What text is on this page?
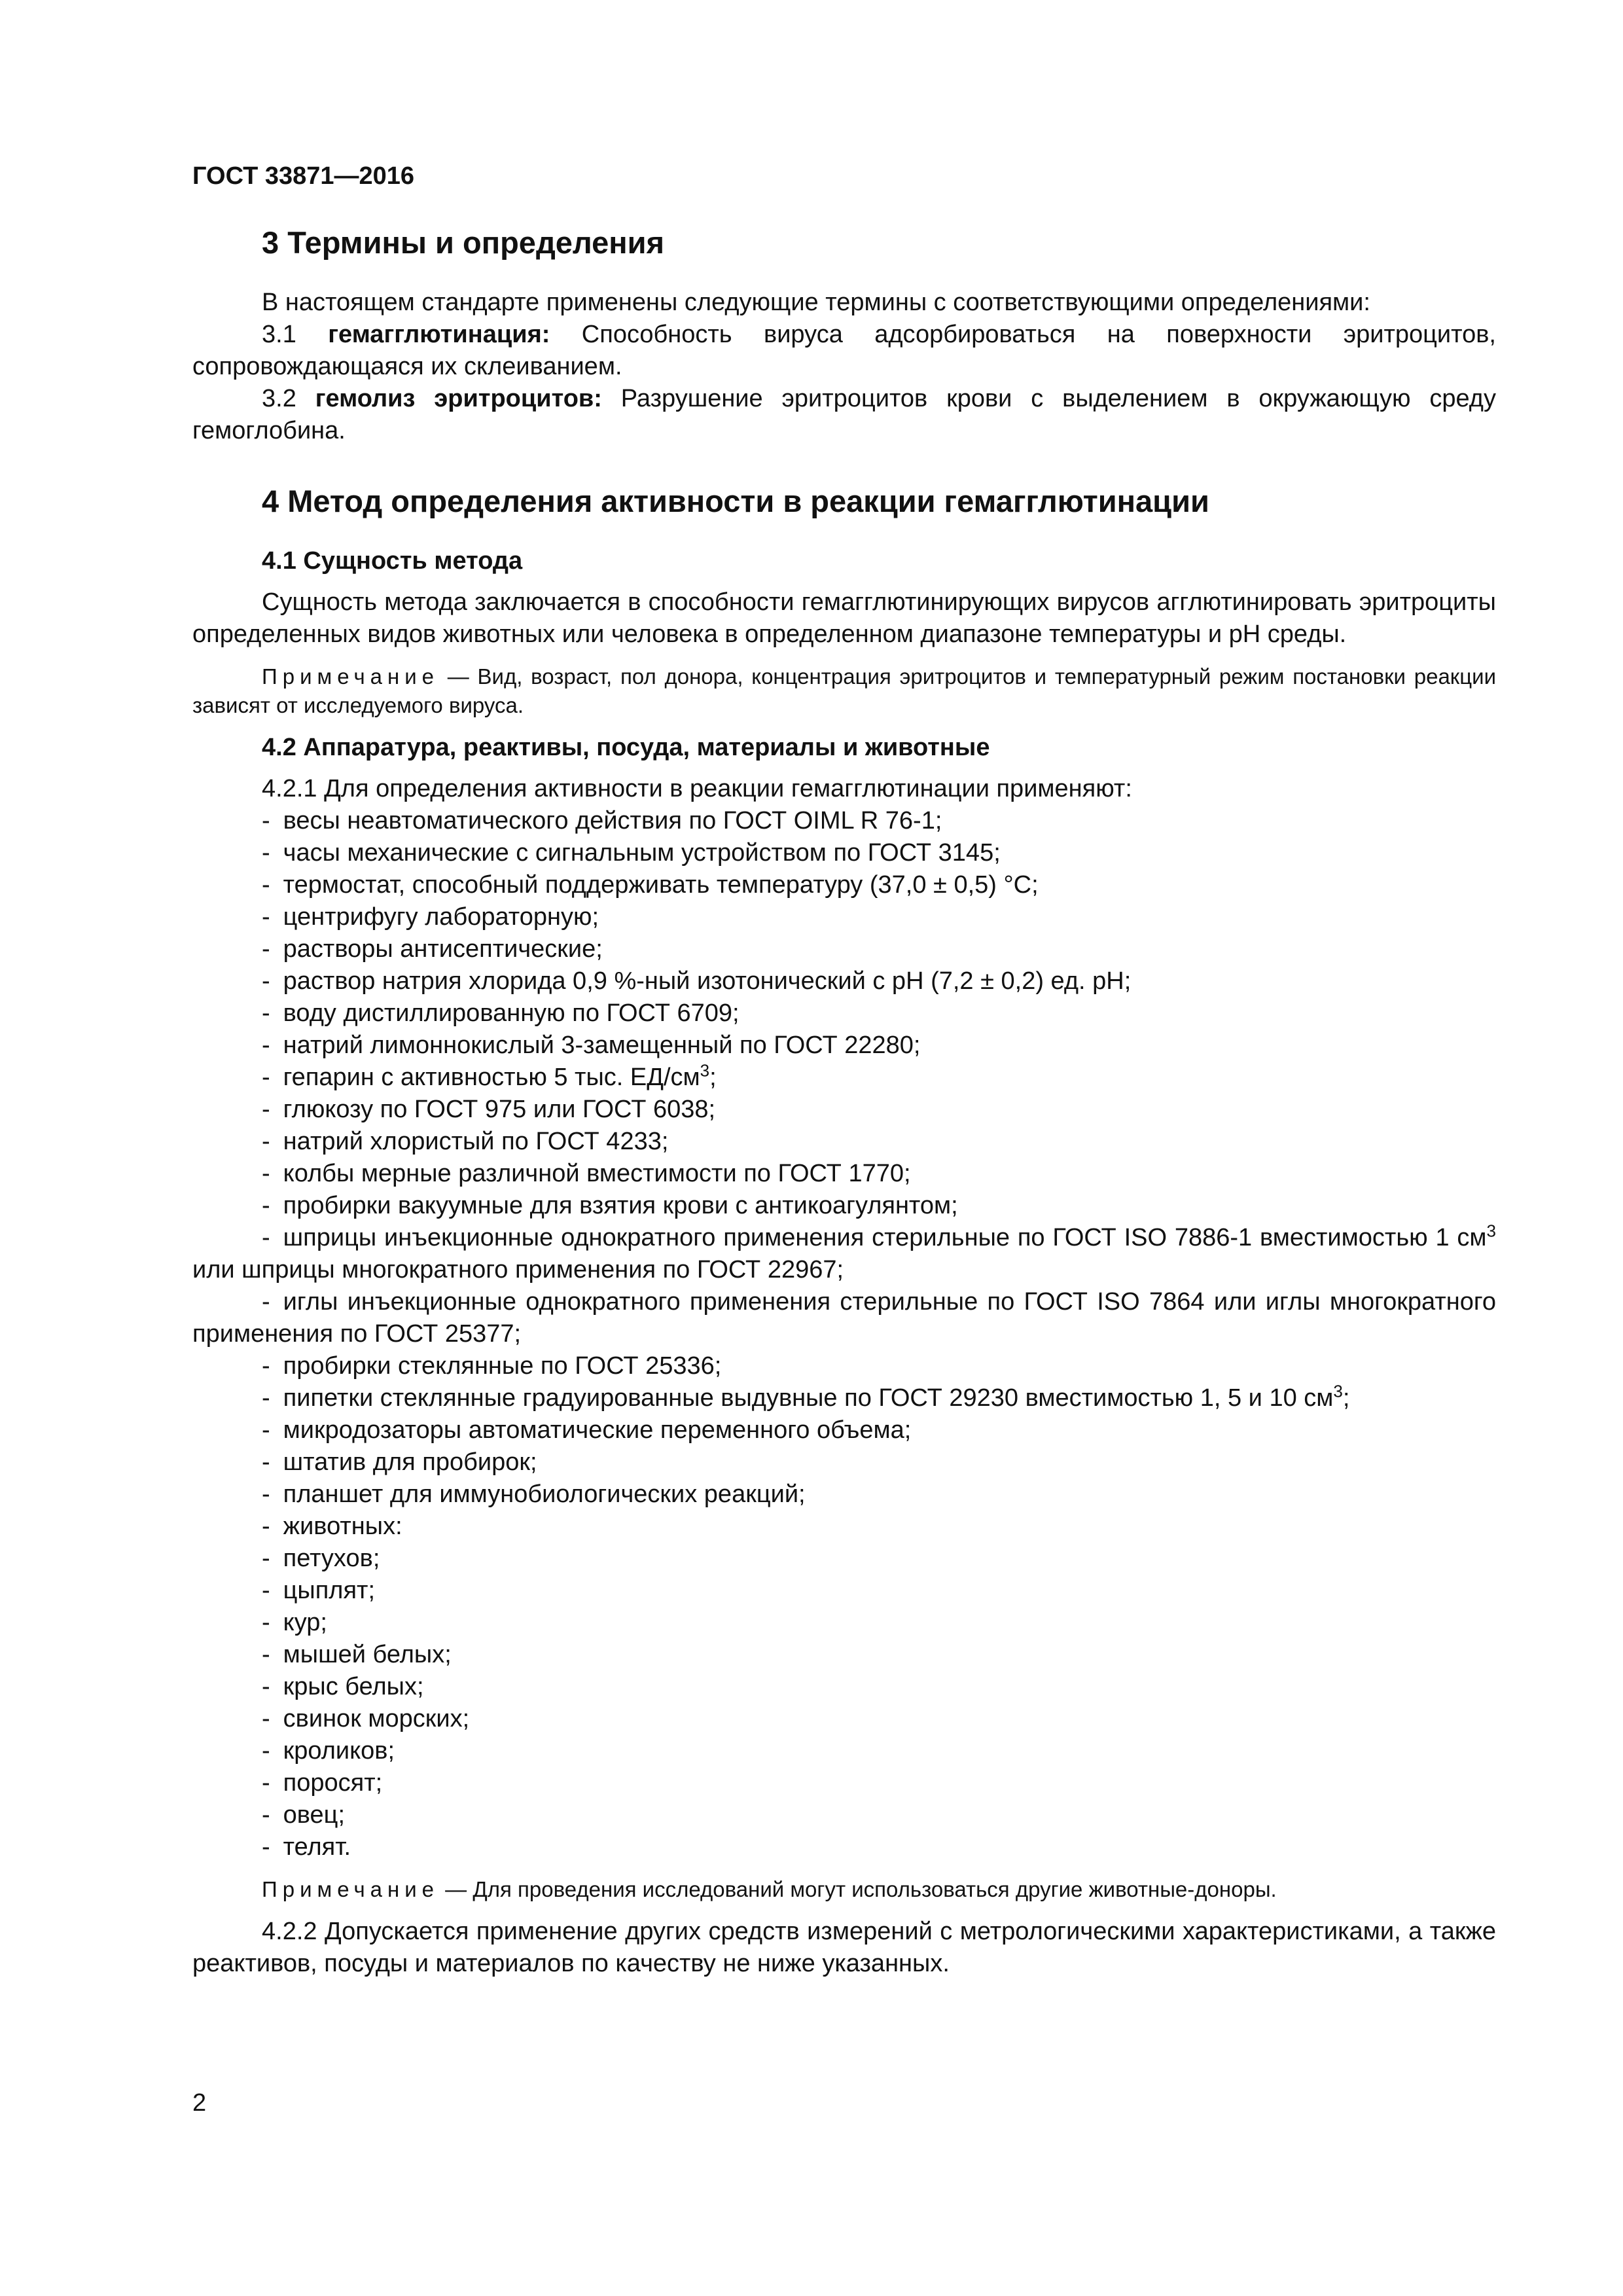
ГОСТ 33871—2016
3 Термины и определения

В настоящем стандарте применены следующие термины с соответствующими определениями:

3.1 гемагглютинация: Способность вируса адсорбироваться на поверхности эритроцитов, сопровождающаяся их склеиванием.

3.2 гемолиз эритроцитов: Разрушение эритроцитов крови с выделением в окружающую среду гемоглобина.

4 Метод определения активности в реакции гемагглютинации
4.1 Сущность метода

Сущность метода заключается в способности гемагглютинирующих вирусов агглютинировать эритроциты определенных видов животных или человека в определенном диапазоне температуры и pH среды.

Примечание — Вид, возраст, пол донора, концентрация эритроцитов и температурный режим постановки реакции зависят от исследуемого вируса.

4.2 Аппаратура, реактивы, посуда, материалы и животные

4.2.1 Для определения активности в реакции гемагглютинации применяют:

- весы неавтоматического действия по ГОСТ OIML R 76-1;
- часы механические с сигнальным устройством по ГОСТ 3145;
- термостат, способный поддерживать температуру (37,0 ± 0,5) °С;
- центрифугу лабораторную;
- растворы антисептические;
- раствор натрия хлорида 0,9 %-ный изотонический с pH (7,2 ± 0,2) ед. pH;
- воду дистиллированную по ГОСТ 6709;
- натрий лимоннокислый 3-замещенный по ГОСТ 22280;
- гепарин с активностью 5 тыс. $ЕД/см^3$;
- глюкозу по ГОСТ 975 или ГОСТ 6038;
- натрий хлористый по ГОСТ 4233;
- колбы мерные различной вместимости по ГОСТ 1770;
- пробирки вакуумные для взятия крови с антикоагулянтом;
- шприцы инъекционные однократного применения стерильные по ГОСТ ISO 7886-1 вместимостью 1 $см^3$ или шприцы многократного применения по ГОСТ 22967;
- иглы инъекционные однократного применения стерильные по ГОСТ ISO 7864 или иглы многократного применения по ГОСТ 25377;
- пробирки стеклянные по ГОСТ 25336;
- пипетки стеклянные градуированные выдувные по ГОСТ 29230 вместимостью 1, 5 и 10 $см^3$;
- микродозаторы автоматические переменного объема;
- штатив для пробирок;
- планшет для иммунобиологических реакций;
- животных:
- петухов;
- цыплят;
- кур;
- мышей белых;
- крыс белых;
- свинок морских;
- кроликов;
- поросят;
- овец;
- телят.

Примечание — Для проведения исследований могут использоваться другие животные-доноры.

4.2.2 Допускается применение других средств измерений с метрологическими характеристиками, а также реактивов, посуды и материалов по качеству не ниже указанных.

2
